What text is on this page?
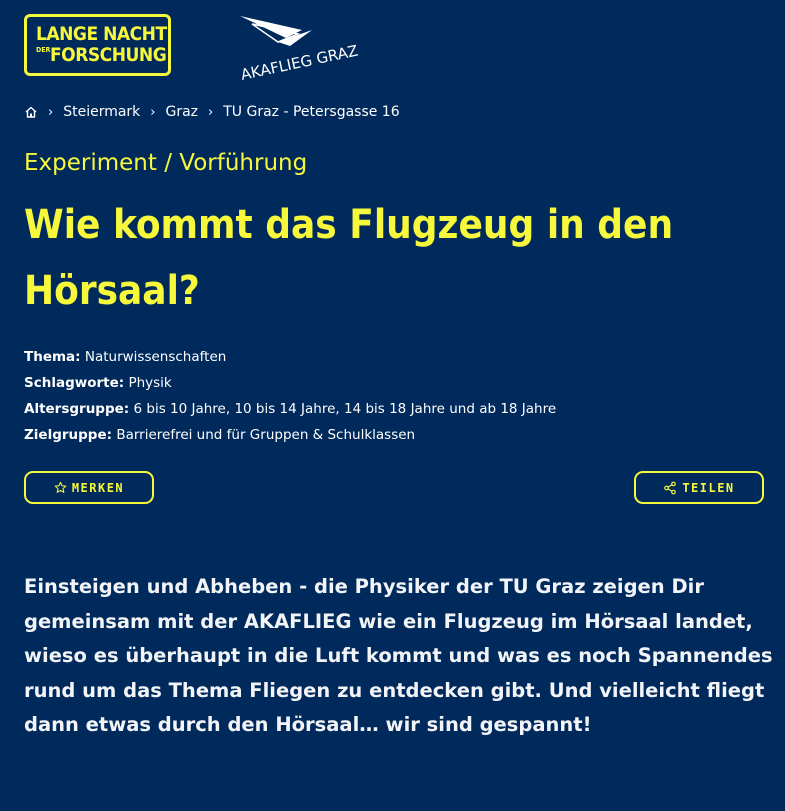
LANGE NACHT
DER FORSCHUNG	AKAFLIEG GRAZ
› Steiermark › Graz › TU Graz - Petersgasse 16
Experiment / Vorführung
Wie kommt das Flugzeug in den Hörsaal?
Thema: Naturwissenschaften
Schlagworte: Physik
Altersgruppe: 6 bis 10 Jahre, 10 bis 14 Jahre, 14 bis 18 Jahre und ab 18 Jahre
Zielgruppe: Barrierefrei und für Gruppen & Schulklassen
MERKEN	TEILEN

Einsteigen und Abheben - die Physiker der TU Graz zeigen Dir gemeinsam mit der AKAFLIEG wie ein Flugzeug im Hörsaal landet, wieso es überhaupt in die Luft kommt und was es noch Spannendes rund um das Thema Fliegen zu entdecken gibt. Und vielleicht fliegt dann etwas durch den Hörsaal… wir sind gespannt!
